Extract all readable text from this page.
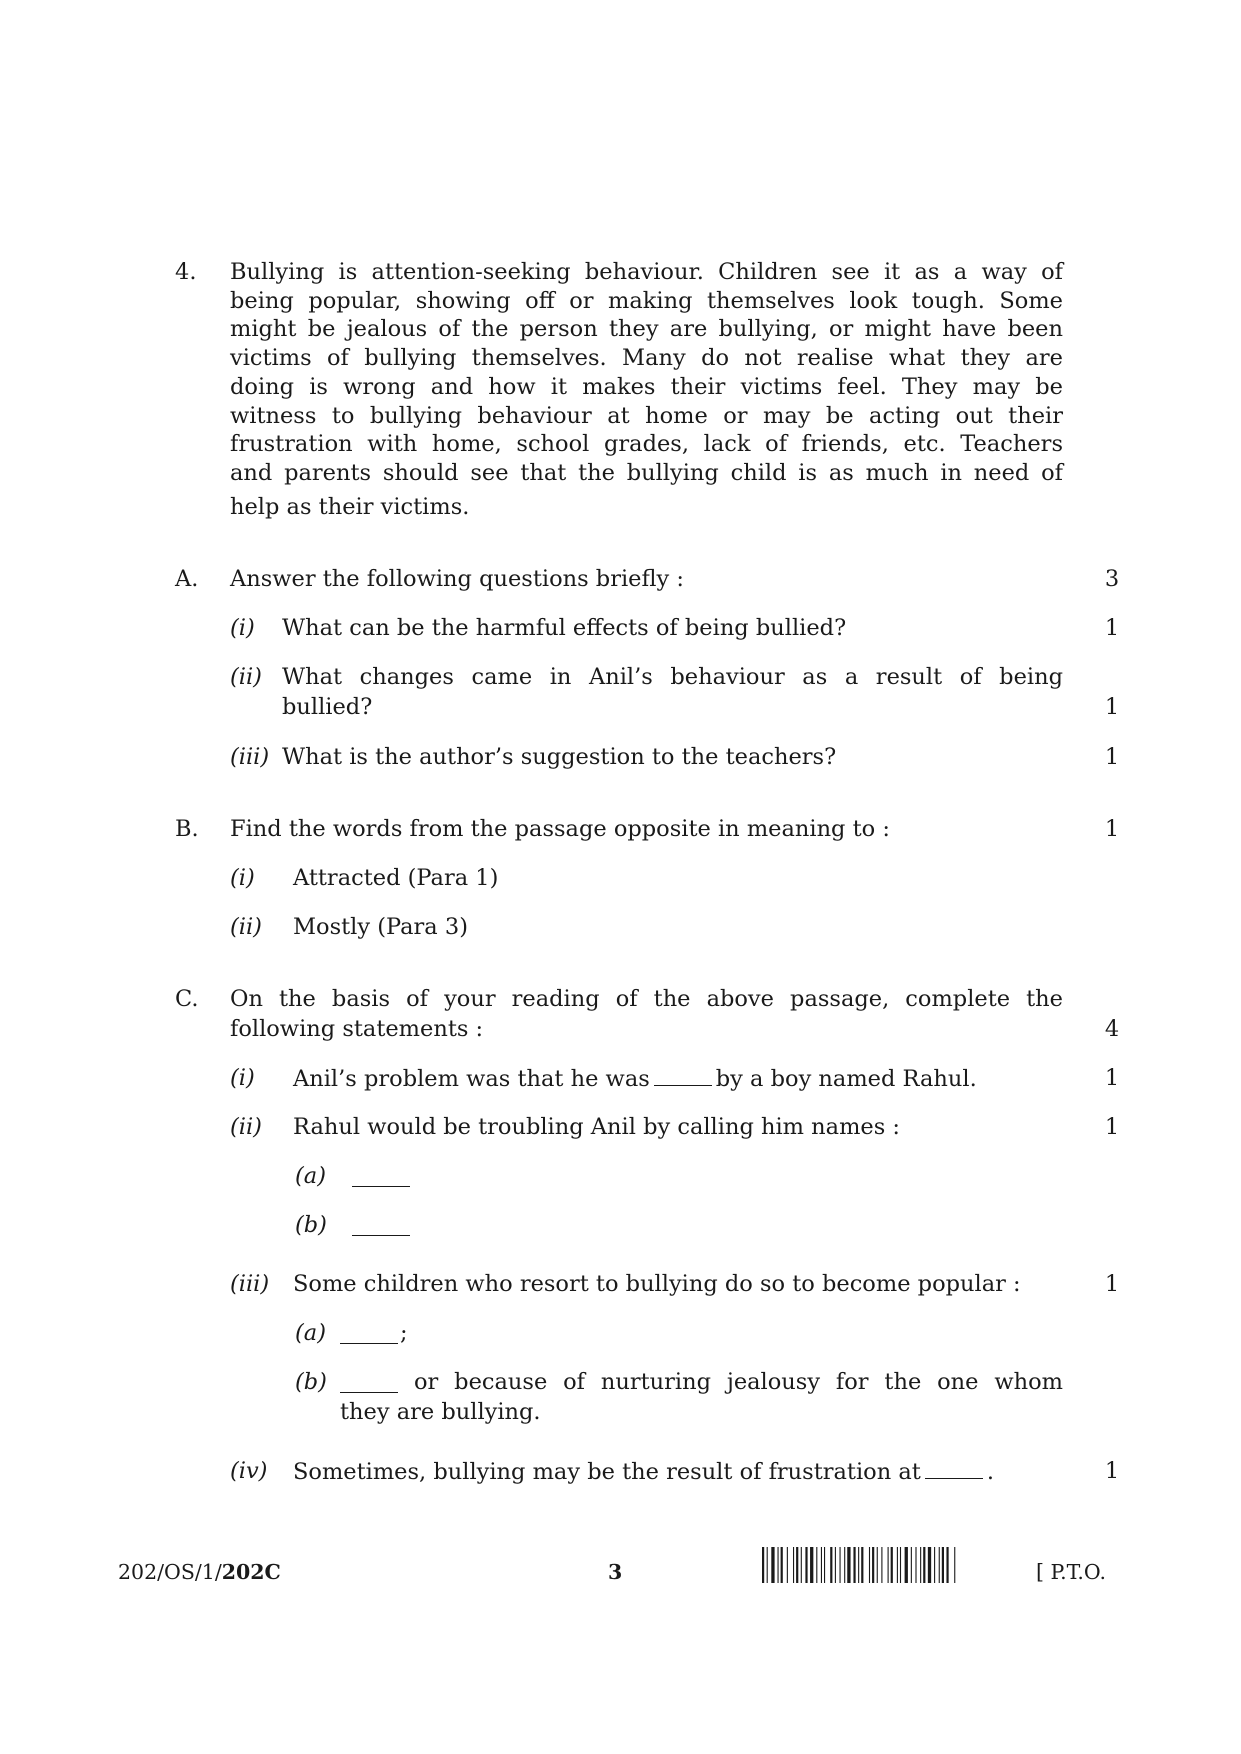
4. Bullying is attention-seeking behaviour. Children see it as a way of
being popular, showing off or making themselves look tough. Some
might be jealous of the person they are bullying, or might have been
victims of bullying themselves. Many do not realise what they are
doing is wrong and how it makes their victims feel. They may be
witness to bullying behaviour at home or may be acting out their
frustration with home, school grades, lack of friends, etc. Teachers
and parents should see that the bullying child is as much in need of
help as their victims.
A. Answer the following questions briefly :	3
(i) What can be the harmful effects of being bullied?	1
(ii) What changes came in Anil’s behaviour as a result of being
bullied?	1
(iii) What is the author’s suggestion to the teachers?	1
B. Find the words from the passage opposite in meaning to :	1
(i) Attracted (Para 1)
(ii) Mostly (Para 3)
C. On the basis of your reading of the above passage, complete the
following statements :	4
(i) Anil’s problem was that he was	by a boy named Rahul.	1
(ii) Rahul would be troubling Anil by calling him names :	1
(a)
(b)
(iii) Some children who resort to bullying do so to become popular :	1
(a)	;
(b)	or because of nurturing jealousy for the one whom
they are bullying.
(iv) Sometimes, bullying may be the result of frustration at	.	1
202/OS/1/202C	3	[ P.T.O.
